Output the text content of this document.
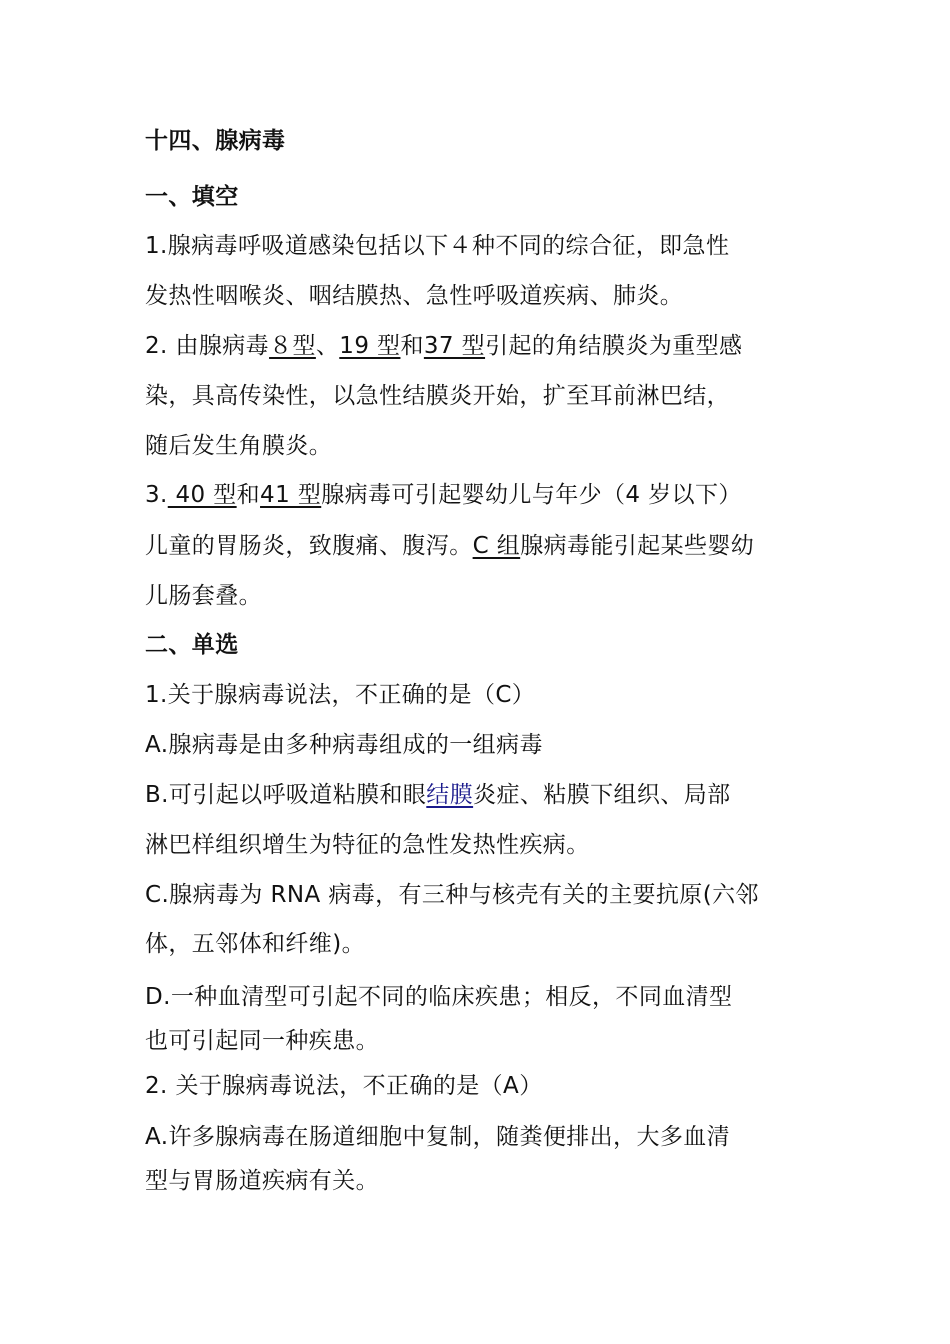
十四、腺病毒

一、填空

1.腺病毒呼吸道感染包括以下４种不同的综合征，即急性

发热性咽喉炎、咽结膜热、急性呼吸道疾病、肺炎。

2. 由腺病毒８型、19 型和37 型引起的角结膜炎为重型感

染，具高传染性，以急性结膜炎开始，扩至耳前淋巴结，

随后发生角膜炎。

3. 40 型和41 型腺病毒可引起婴幼儿与年少（4 岁以下）

儿童的胃肠炎，致腹痛、腹泻。C 组腺病毒能引起某些婴幼

儿肠套叠。

二、单选

1.关于腺病毒说法，不正确的是（C）

A.腺病毒是由多种病毒组成的一组病毒

B.可引起以呼吸道粘膜和眼结膜炎症、粘膜下组织、局部

淋巴样组织增生为特征的急性发热性疾病。

C.腺病毒为 RNA 病毒，有三种与核壳有关的主要抗原(六邻

体，五邻体和纤维)。

D.一种血清型可引起不同的临床疾患；相反，不同血清型

也可引起同一种疾患。

2. 关于腺病毒说法，不正确的是（A）

A.许多腺病毒在肠道细胞中复制，随粪便排出，大多血清

型与胃肠道疾病有关。
